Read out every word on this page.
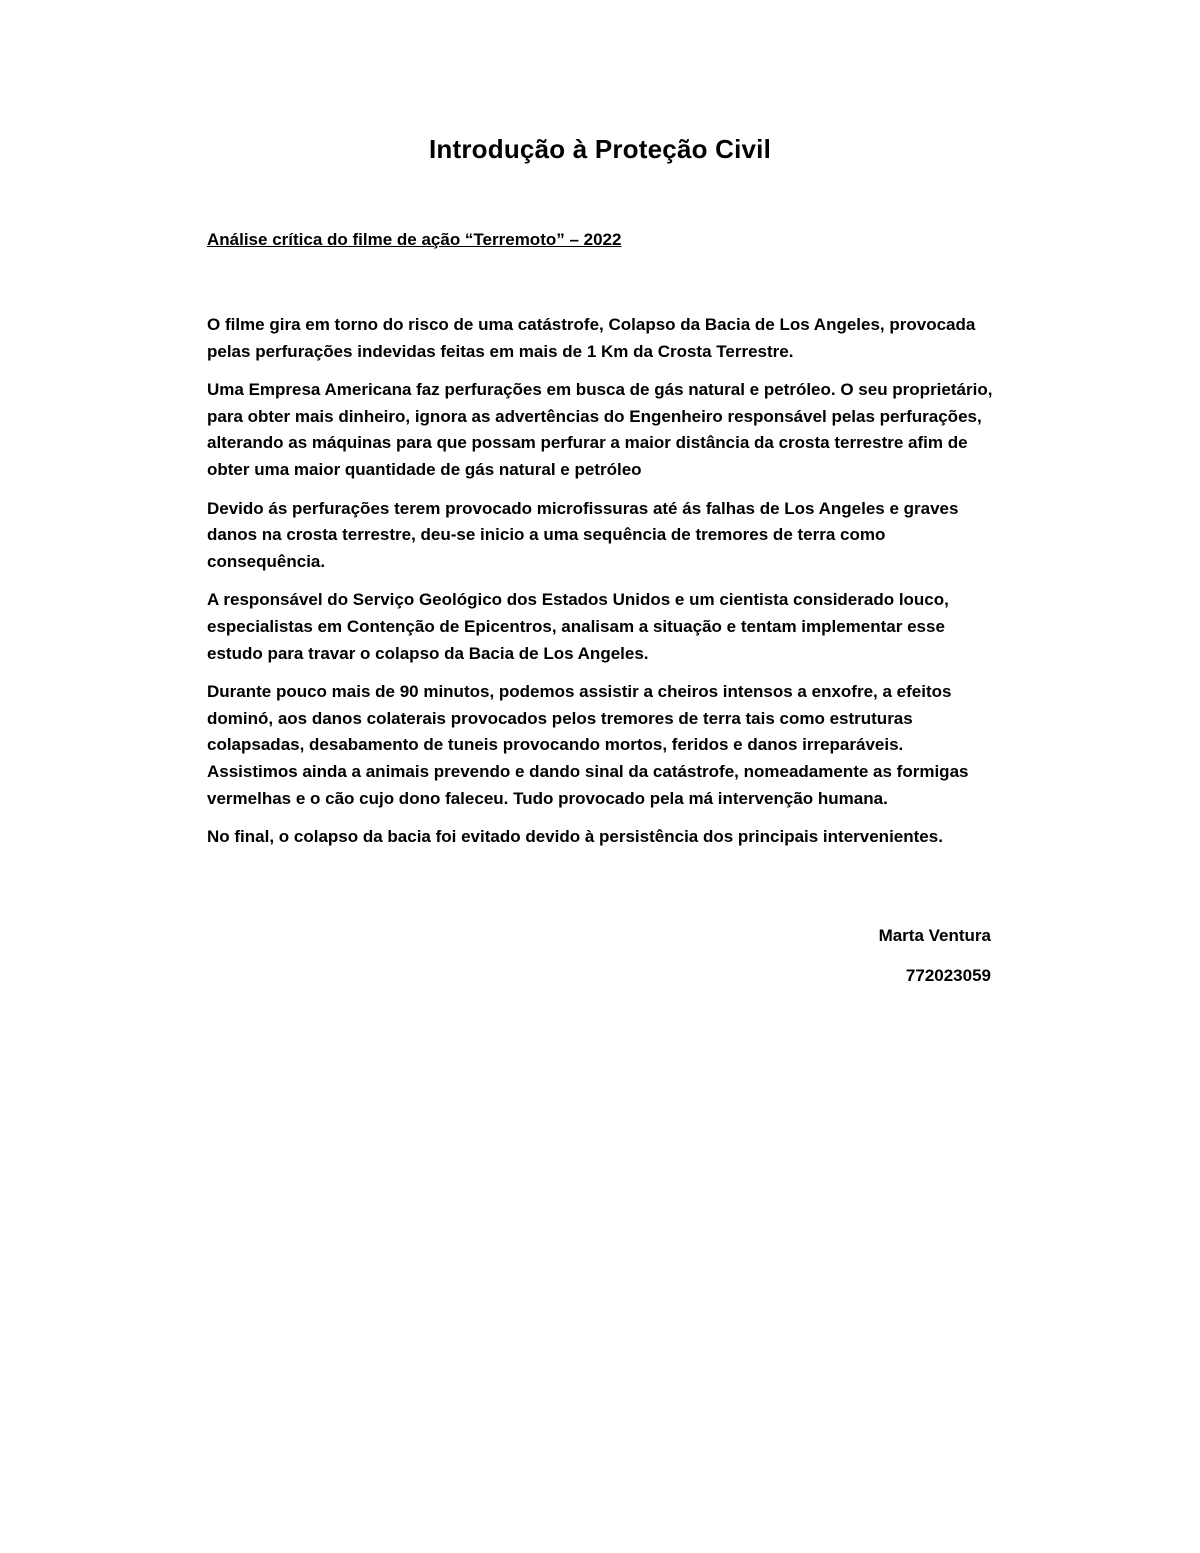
Introdução à Proteção Civil
Análise crítica do filme de ação “Terremoto” – 2022

O filme gira em torno do risco de uma catástrofe, Colapso da Bacia de Los Angeles, provocada pelas perfurações indevidas feitas em mais de 1 Km da Crosta Terrestre.

Uma Empresa Americana faz perfurações em busca de gás natural e petróleo. O seu proprietário, para obter mais dinheiro, ignora as advertências do Engenheiro responsável pelas perfurações, alterando as máquinas para que possam perfurar a maior distância da crosta terrestre afim de obter uma maior quantidade de gás natural e petróleo

Devido ás perfurações terem provocado microfissuras até ás falhas de Los Angeles e graves danos na crosta terrestre, deu-se inicio a uma sequência de tremores de terra como consequência.

A responsável do Serviço Geológico dos Estados Unidos e um cientista considerado louco, especialistas em Contenção de Epicentros, analisam a situação e tentam implementar esse estudo para travar o colapso da Bacia de Los Angeles.

Durante pouco mais de 90 minutos, podemos assistir a cheiros intensos a enxofre, a efeitos dominó, aos danos colaterais provocados pelos tremores de terra tais como estruturas colapsadas, desabamento de tuneis provocando mortos, feridos e danos irreparáveis. Assistimos ainda a animais prevendo e dando sinal da catástrofe, nomeadamente as formigas vermelhas e o cão cujo dono faleceu. Tudo provocado pela má intervenção humana.

No final, o colapso da bacia foi evitado devido à persistência dos principais intervenientes.

Marta Ventura
772023059
